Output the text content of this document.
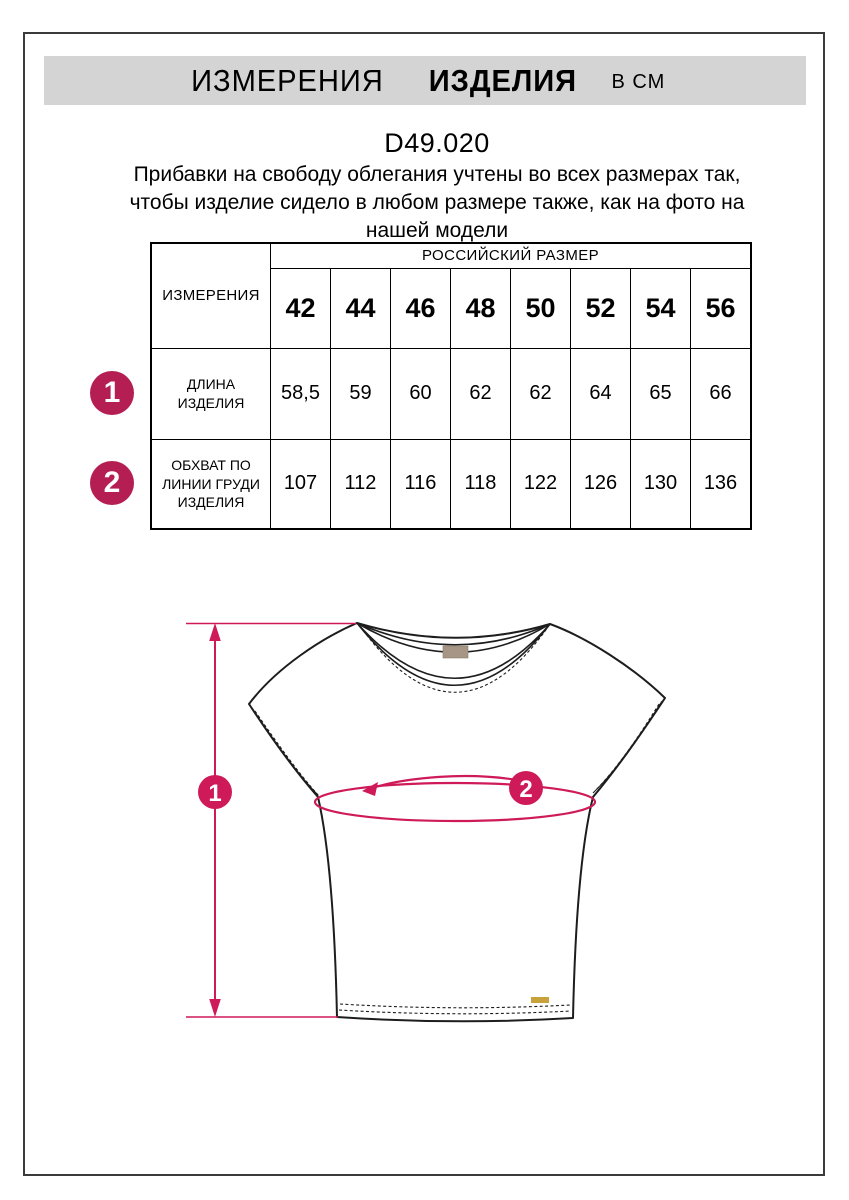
ИЗМЕРЕНИЯ ИЗДЕЛИЯ В СМ
D49.020
Прибавки на свободу облегания учтены во всех размерах так, чтобы изделие сидело в любом размере также, как на фото на нашей модели
ИЗМЕРЕНИЯ	РОССИЙСКИЙ РАЗМЕР							
	42	44	46	48	50	52	54	56
ДЛИНА ИЗДЕЛИЯ	58,5	59	60	62	62	64	65	66
ОБХВАТ ПО ЛИНИИ ГРУДИ ИЗДЕЛИЯ	107	112	116	118	122	126	130	136
1
2
1	2
